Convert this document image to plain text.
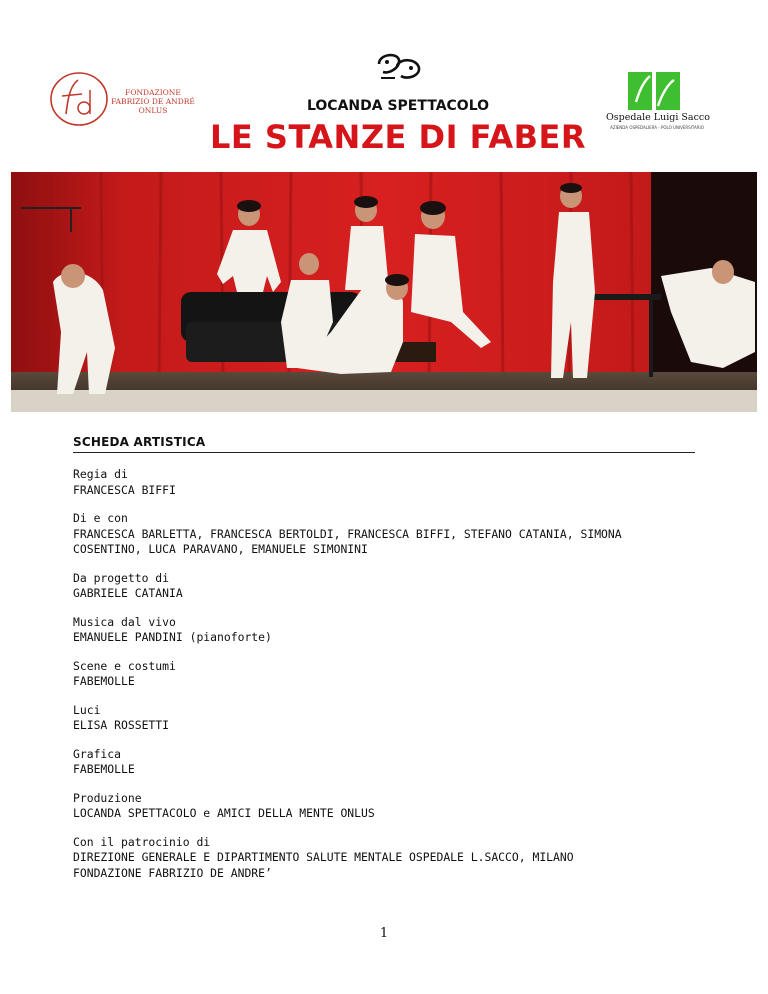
FONDAZIONE
FABRIZIO DE ANDRÉ
ONLUS	LOCANDA SPETTACOLO
LE STANZE DI FABER
Ospedale Luigi Sacco
AZIENDA OSPEDALIERA - POLO UNIVERSITARIO
SCHEDA ARTISTICA
Regia di
FRANCESCA BIFFI
Di e con
FRANCESCA BARLETTA, FRANCESCA BERTOLDI, FRANCESCA BIFFI, STEFANO CATANIA, SIMONA
COSENTINO, LUCA PARAVANO, EMANUELE SIMONINI
Da progetto di
GABRIELE CATANIA
Musica dal vivo
EMANUELE PANDINI (pianoforte)
Scene e costumi
FABEMOLLE
Luci
ELISA ROSSETTI
Grafica
FABEMOLLE
Produzione
LOCANDA SPETTACOLO e AMICI DELLA MENTE ONLUS
Con il patrocinio di
DIREZIONE GENERALE E DIPARTIMENTO SALUTE MENTALE OSPEDALE L.SACCO, MILANO
FONDAZIONE FABRIZIO DE ANDRE’
1
